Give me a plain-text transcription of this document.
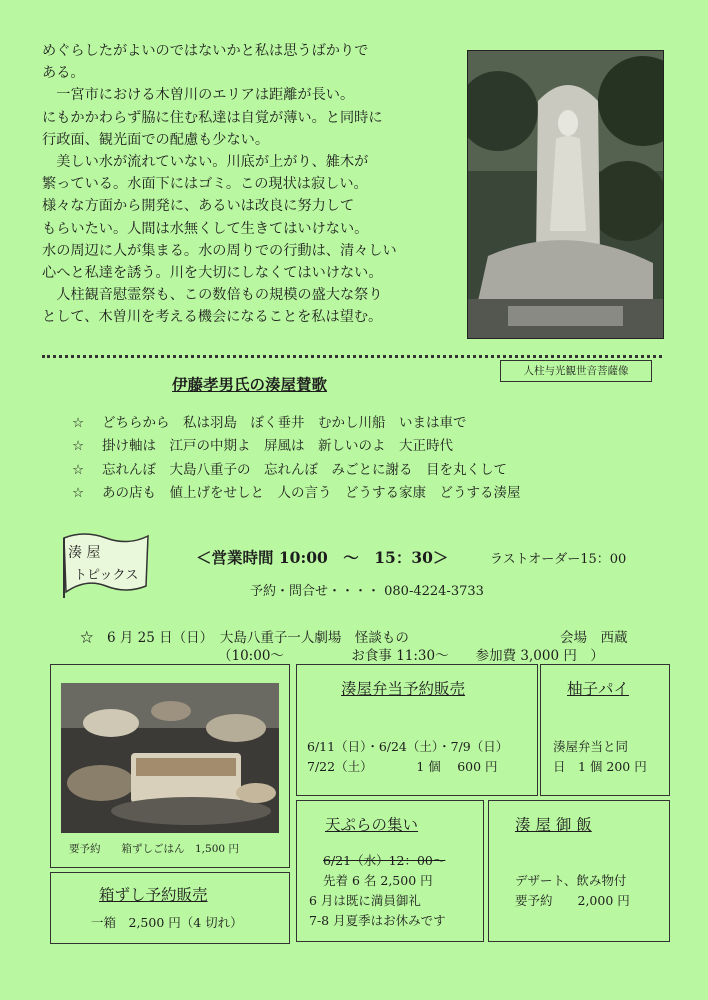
めぐらしたがよいのではないかと私は思うばかりで

ある。

　一宮市における木曽川のエリアは距離が長い。

にもかかわらず脇に住む私達は自覚が薄い。と同時に

行政面、観光面での配慮も少ない。

　美しい水が流れていない。川底が上がり、雑木が

繁っている。水面下にはゴミ。この現状は寂しい。

様々な方面から開発に、あるいは改良に努力して

もらいたい。人間は水無くして生きてはいけない。

水の周辺に人が集まる。水の周りでの行動は、清々しい

心へと私達を誘う。川を大切にしなくてはいけない。

　人柱観音慰霊祭も、この数倍もの規模の盛大な祭り

として、木曽川を考える機会になることを私は望む。

人柱与光観世音菩薩像
伊藤孝男氏の湊屋賛歌
☆ どちらから　私は羽島　ぼく垂井　むかし川船　いまは車で
☆ 掛け軸は　江戸の中期よ　屏風は　新しいのよ　大正時代
☆ 忘れんぼ　大島八重子の　忘れんぼ　みごとに謝る　目を丸くして
☆ あの店も　値上げをせしと　人の言う　どうする家康　どうする湊屋
湊 屋
トピックス
＜営業時間 10:00　〜　15：30＞	ラストオーダー15：00
予約・問合せ・・・・ 080-4224-3733
☆　6 月 25 日（日）　大島八重子一人劇場　怪談もの	会場　西蔵
（10:00〜　　　　　お食事 11:30〜　　参加費 3,000 円　）
要予約　　箱ずしごはん　1,500 円
湊屋弁当予約販売
6/11（日）・6/24（土）・7/9（日）
7/22（土）　　　　1 個　 600 円
柚子パイ
湊屋弁当と同
日　1 個 200 円
天ぷらの集い
6/21（水）12：00〜
先着 6 名 2,500 円
6 月は既に満員御礼
7-8 月夏季はお休みです
湊 屋 御 飯
デザート、飲み物付
要予約　　2,000 円
箱ずし予約販売
一箱　2,500 円（4 切れ）
